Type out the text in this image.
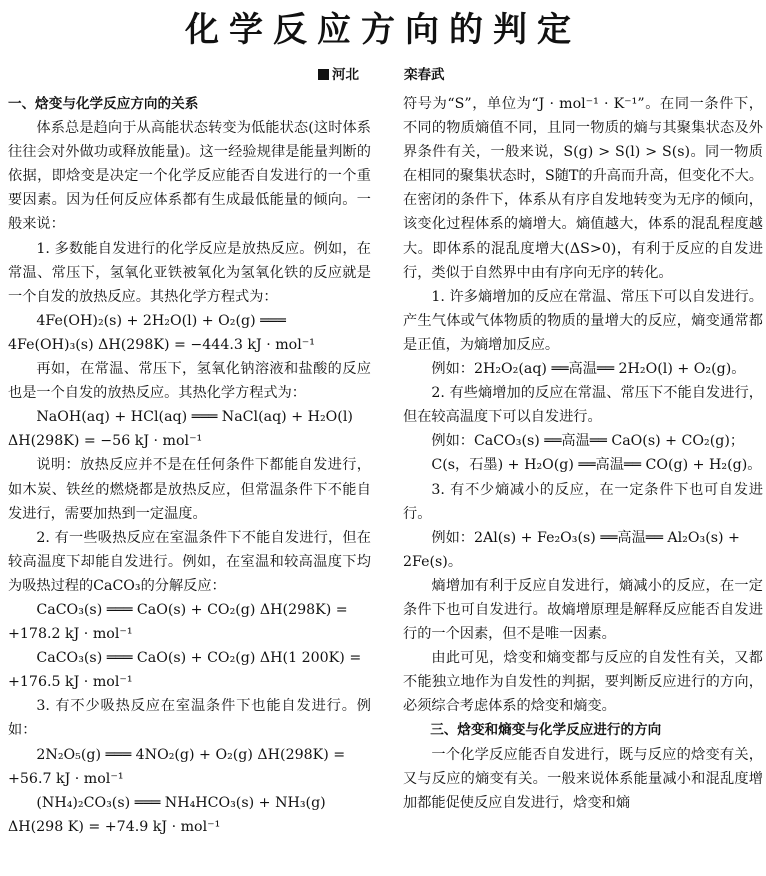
化学反应方向的判定
河北	栾春武

一、焓变与化学反应方向的关系

体系总是趋向于从高能状态转变为低能状态(这时体系往往会对外做功或释放能量)。这一经验规律是能量判断的依据，即焓变是决定一个化学反应能否自发进行的一个重要因素。因为任何反应体系都有生成最低能量的倾向。一般来说：

1. 多数能自发进行的化学反应是放热反应。例如，在常温、常压下，氢氧化亚铁被氧化为氢氧化铁的反应就是一个自发的放热反应。其热化学方程式为：

4Fe(OH)₂(s) + 2H₂O(l) + O₂(g) ═══

4Fe(OH)₃(s) ΔH(298K) = −444.3 kJ · mol⁻¹

再如，在常温、常压下，氢氧化钠溶液和盐酸的反应也是一个自发的放热反应。其热化学方程式为：

NaOH(aq) + HCl(aq) ═══ NaCl(aq) + H₂O(l)

ΔH(298K) = −56 kJ · mol⁻¹

说明：放热反应并不是在任何条件下都能自发进行，如木炭、铁丝的燃烧都是放热反应，但常温条件下不能自发进行，需要加热到一定温度。

2. 有一些吸热反应在室温条件下不能自发进行，但在较高温度下却能自发进行。例如，在室温和较高温度下均为吸热过程的CaCO₃的分解反应：

CaCO₃(s) ═══ CaO(s) + CO₂(g) ΔH(298K) =

+178.2 kJ · mol⁻¹

CaCO₃(s) ═══ CaO(s) + CO₂(g) ΔH(1 200K) =

+176.5 kJ · mol⁻¹

3. 有不少吸热反应在室温条件下也能自发进行。例如：

2N₂O₅(g) ═══ 4NO₂(g) + O₂(g) ΔH(298K) =

+56.7 kJ · mol⁻¹

(NH₄)₂CO₃(s) ═══ NH₄HCO₃(s) + NH₃(g)

ΔH(298 K) = +74.9 kJ · mol⁻¹

符号为“S”，单位为“J · mol⁻¹ · K⁻¹”。在同一条件下，不同的物质熵值不同，且同一物质的熵与其聚集状态及外界条件有关，一般来说，S(g) > S(l) > S(s)。同一物质在相同的聚集状态时，S随T的升高而升高，但变化不大。在密闭的条件下，体系从有序自发地转变为无序的倾向，该变化过程体系的熵增大。熵值越大，体系的混乱程度越大。即体系的混乱度增大(ΔS>0)，有利于反应的自发进行，类似于自然界中由有序向无序的转化。

1. 许多熵增加的反应在常温、常压下可以自发进行。产生气体或气体物质的物质的量增大的反应，熵变通常都是正值，为熵增加反应。

例如：2H₂O₂(aq) ══高温══ 2H₂O(l) + O₂(g)。

2. 有些熵增加的反应在常温、常压下不能自发进行，但在较高温度下可以自发进行。

例如：CaCO₃(s) ══高温══ CaO(s) + CO₂(g)；

C(s，石墨) + H₂O(g) ══高温══ CO(g) + H₂(g)。

3. 有不少熵减小的反应，在一定条件下也可自发进行。

例如：2Al(s) + Fe₂O₃(s) ══高温══ Al₂O₃(s) +

2Fe(s)。

熵增加有利于反应自发进行，熵减小的反应，在一定条件下也可自发进行。故熵增原理是解释反应能否自发进行的一个因素，但不是唯一因素。

由此可见，焓变和熵变都与反应的自发性有关，又都不能独立地作为自发性的判据，要判断反应进行的方向，必须综合考虑体系的焓变和熵变。

三、焓变和熵变与化学反应进行的方向

一个化学反应能否自发进行，既与反应的焓变有关，又与反应的熵变有关。一般来说体系能量减小和混乱度增加都能促使反应自发进行，焓变和熵
